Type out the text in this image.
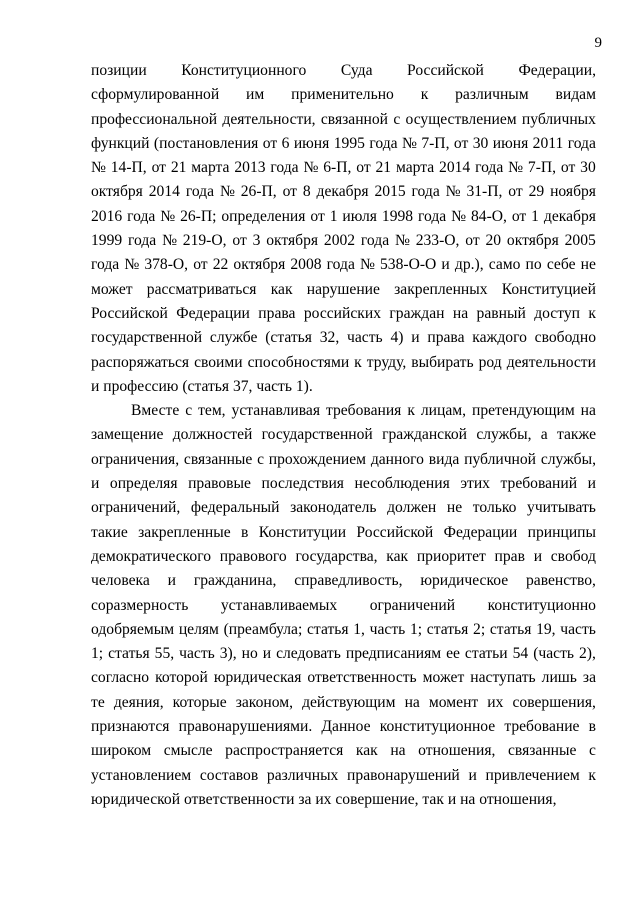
9
позиции Конституционного Суда Российской Федерации,
сформулированной им применительно к различным видам
профессиональной деятельности, связанной с осуществлением публичных
функций (постановления от 6 июня 1995 года № 7-П, от 30 июня 2011 года
№ 14-П, от 21 марта 2013 года № 6-П, от 21 марта 2014 года № 7-П, от 30
октября 2014 года № 26-П, от 8 декабря 2015 года № 31-П, от 29 ноября
2016 года № 26-П; определения от 1 июля 1998 года № 84-О, от 1 декабря
1999 года № 219-О, от 3 октября 2002 года № 233-О, от 20 октября 2005
года № 378-О, от 22 октября 2008 года № 538-О-О и др.), само по себе не
может рассматриваться как нарушение закрепленных Конституцией
Российской Федерации права российских граждан на равный доступ к
государственной службе (статья 32, часть 4) и права каждого свободно
распоряжаться своими способностями к труду, выбирать род деятельности
и профессию (статья 37, часть 1).
Вместе с тем, устанавливая требования к лицам, претендующим на
замещение должностей государственной гражданской службы, а также
ограничения, связанные с прохождением данного вида публичной службы,
и определяя правовые последствия несоблюдения этих требований и
ограничений, федеральный законодатель должен не только учитывать
такие закрепленные в Конституции Российской Федерации принципы
демократического правового государства, как приоритет прав и свобод
человека и гражданина, справедливость, юридическое равенство,
соразмерность устанавливаемых ограничений конституционно
одобряемым целям (преамбула; статья 1, часть 1; статья 2; статья 19, часть
1; статья 55, часть 3), но и следовать предписаниям ее статьи 54 (часть 2),
согласно которой юридическая ответственность может наступать лишь за
те деяния, которые законом, действующим на момент их совершения,
признаются правонарушениями. Данное конституционное требование в
широком смысле распространяется как на отношения, связанные с
установлением составов различных правонарушений и привлечением к
юридической ответственности за их совершение, так и на отношения,
